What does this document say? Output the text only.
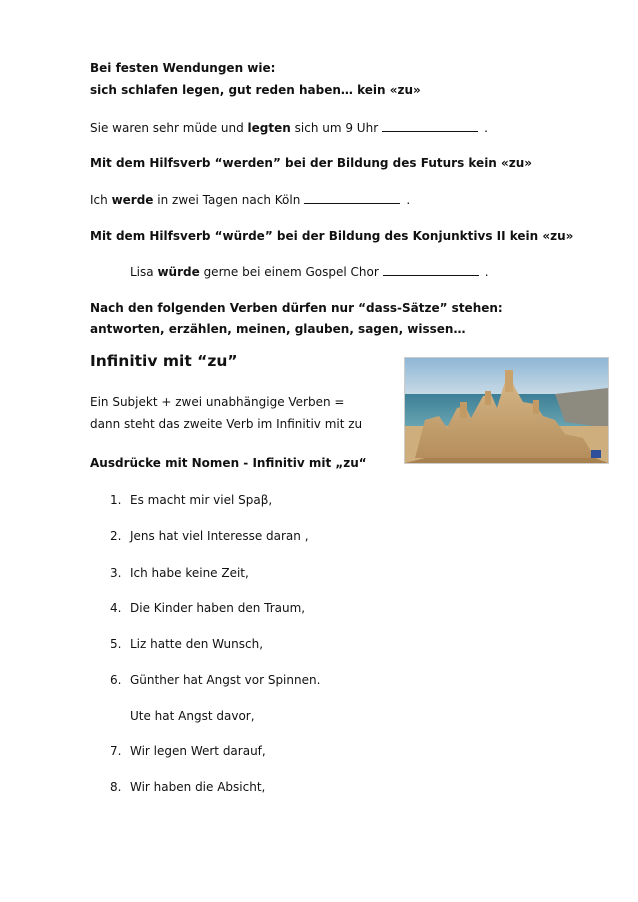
Bei festen Wendungen wie:
sich schlafen legen, gut reden haben… kein «zu»
Sie waren sehr müde und legten sich um 9 Uhr	.
Mit dem Hilfsverb “werden” bei der Bildung des Futurs kein «zu»
Ich werde in zwei Tagen nach Köln	.
Mit dem Hilfsverb “würde” bei der Bildung des Konjunktivs II kein «zu»
Lisa würde gerne bei einem Gospel Chor	.
Nach den folgenden Verben dürfen nur “dass-Sätze” stehen:
antworten, erzählen, meinen, glauben, sagen, wissen…
Infinitiv mit “zu”
Ein Subjekt + zwei unabhängige Verben =
dann steht das zweite Verb im Infinitiv mit zu
Ausdrücke mit Nomen - Infinitiv mit „zu“
1. Es macht mir viel Spaβ,
2. Jens hat viel Interesse daran ,
3. Ich habe keine Zeit,
4. Die Kinder haben den Traum,
5. Liz hatte den Wunsch,
6. Günther hat Angst vor Spinnen.
Ute hat Angst davor,
7. Wir legen Wert darauf,
8. Wir haben die Absicht,
